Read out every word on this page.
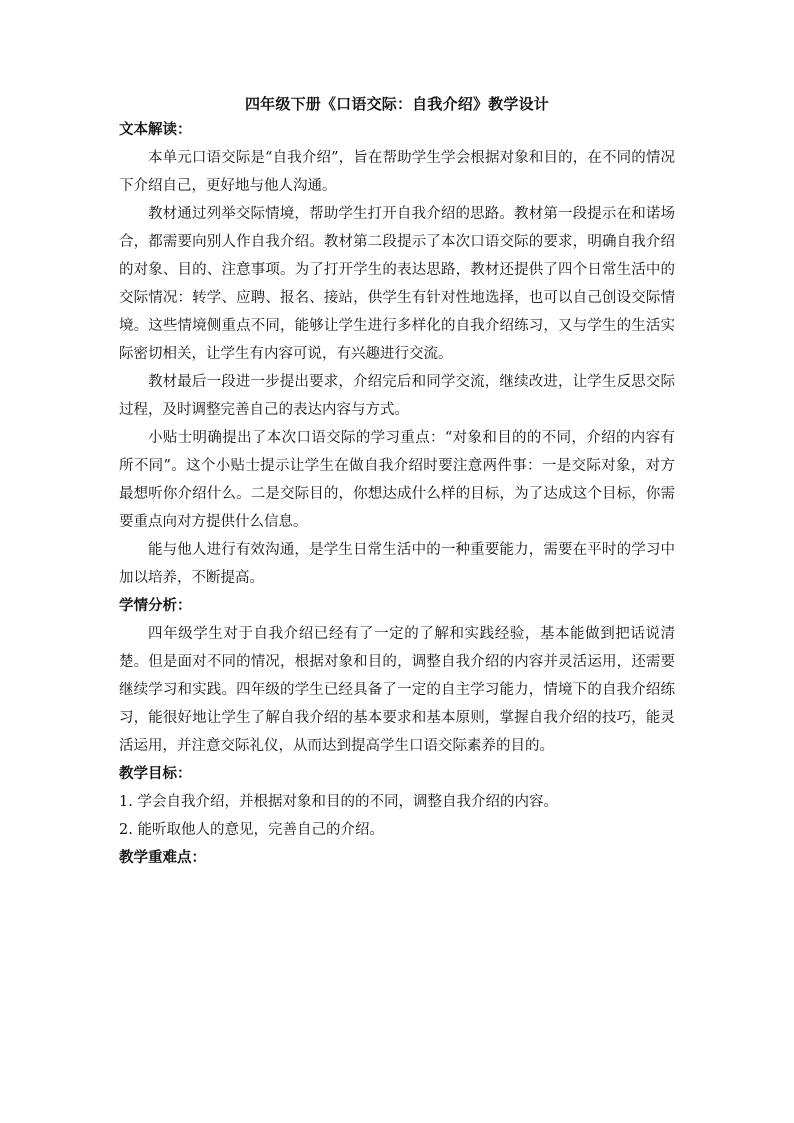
四年级下册《口语交际：自我介绍》教学设计

文本解读：

本单元口语交际是“自我介绍”，旨在帮助学生学会根据对象和目的，在不同的情况下介绍自己，更好地与他人沟通。

教材通过列举交际情境，帮助学生打开自我介绍的思路。教材第一段提示在和诺场合，都需要向别人作自我介绍。教材第二段提示了本次口语交际的要求，明确自我介绍的对象、目的、注意事项。为了打开学生的表达思路，教材还提供了四个日常生活中的交际情况：转学、应聘、报名、接站，供学生有针对性地选择，也可以自己创设交际情境。这些情境侧重点不同，能够让学生进行多样化的自我介绍练习，又与学生的生活实际密切相关，让学生有内容可说，有兴趣进行交流。

教材最后一段进一步提出要求，介绍完后和同学交流，继续改进，让学生反思交际过程，及时调整完善自己的表达内容与方式。

小贴士明确提出了本次口语交际的学习重点：“对象和目的的不同，介绍的内容有所不同”。这个小贴士提示让学生在做自我介绍时要注意两件事：一是交际对象，对方最想听你介绍什么。二是交际目的，你想达成什么样的目标，为了达成这个目标，你需要重点向对方提供什么信息。

能与他人进行有效沟通，是学生日常生活中的一种重要能力，需要在平时的学习中加以培养，不断提高。

学情分析：

四年级学生对于自我介绍已经有了一定的了解和实践经验，基本能做到把话说清楚。但是面对不同的情况，根据对象和目的，调整自我介绍的内容并灵活运用，还需要继续学习和实践。四年级的学生已经具备了一定的自主学习能力，情境下的自我介绍练习，能很好地让学生了解自我介绍的基本要求和基本原则，掌握自我介绍的技巧，能灵活运用，并注意交际礼仪，从而达到提高学生口语交际素养的目的。

教学目标：

1. 学会自我介绍，并根据对象和目的的不同，调整自我介绍的内容。

2. 能听取他人的意见，完善自己的介绍。

教学重难点：
